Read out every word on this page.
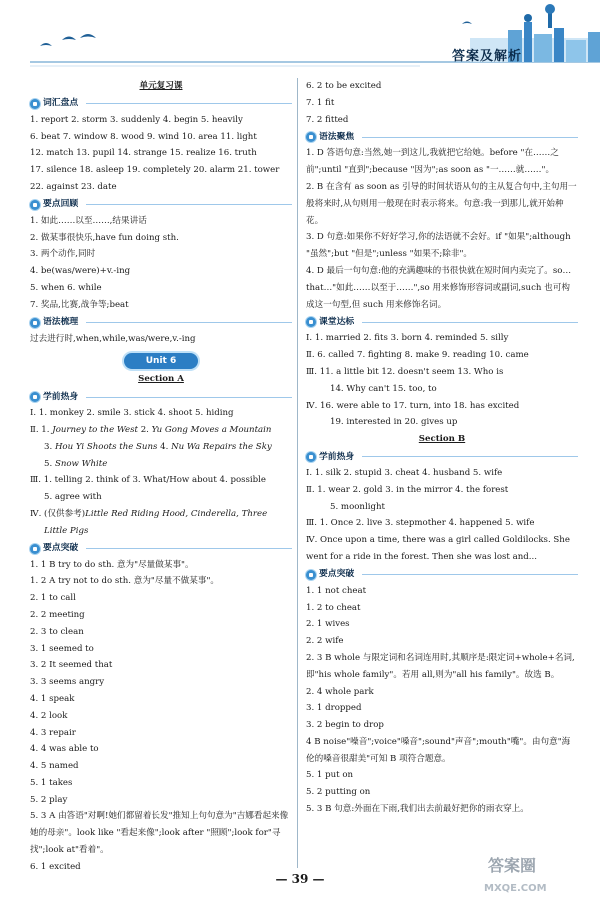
答案及解析
单元复习课
词汇盘点
1. report 2. storm 3. suddenly 4. begin 5. heavily
6. beat 7. window 8. wood 9. wind 10. area 11. light
12. match 13. pupil 14. strange 15. realize 16. truth
17. silence 18. asleep 19. completely 20. alarm 21. tower
22. against 23. date
要点回顾
1. 如此……以至……,结果讲话
2. 做某事很快乐,have fun doing sth.
3. 两个动作,同时
4. be(was/were)+v.-ing
5. when 6. while
7. 奖品,比赛,战争等;beat
语法梳理
过去进行时,when,while,was/were,v.-ing
Unit 6
Section A
学前热身
Ⅰ. 1. monkey 2. smile 3. stick 4. shoot 5. hiding
Ⅱ. 1. Journey to the West 2. Yu Gong Moves a Mountain
3. Hou Yi Shoots the Suns 4. Nu Wa Repairs the Sky
5. Snow White
Ⅲ. 1. telling 2. think of 3. What/How about 4. possible
5. agree with
Ⅳ. (仅供参考)Little Red Riding Hood, Cinderella, Three
Little Pigs
要点突破
1. 1 B try to do sth. 意为"尽量做某事"。
1. 2 A try not to do sth. 意为"尽量不做某事"。
2. 1 to call
2. 2 meeting
2. 3 to clean
3. 1 seemed to
3. 2 It seemed that
3. 3 seems angry
4. 1 speak
4. 2 look
4. 3 repair
4. 4 was able to
4. 5 named
5. 1 takes
5. 2 play
5. 3 A 由答语"对啊!她们都留着长发"推知上句句意为"吉娜看起来像她的母亲"。look like "看起来像";look after "照顾";look for"寻找";look at"看着"。
6. 1 excited
6. 2 to be excited
7. 1 fit
7. 2 fitted
语法聚焦
1. D 答语句意:当然,她一到这儿,我就把它给她。before "在……之前";until "直到";because "因为";as soon as "一……就……"。
2. B 在含有 as soon as 引导的时间状语从句的主从复合句中,主句用一般将来时,从句则用一般现在时表示将来。句意:我一到那儿,就开始种花。
3. D 句意:如果你不好好学习,你的法语就不会好。if "如果";although "虽然";but "但是";unless "如果不;除非"。
4. D 最后一句句意:他的充满趣味的书很快就在短时间内卖完了。so…that…"如此……以至于……",so 用来修饰形容词或副词,such 也可构成这一句型,但 such 用来修饰名词。
课堂达标
Ⅰ. 1. married 2. fits 3. born 4. reminded 5. silly
Ⅱ. 6. called 7. fighting 8. make 9. reading 10. came
Ⅲ. 11. a little bit 12. doesn't seem 13. Who is
14. Why can't 15. too, to
Ⅳ. 16. were able to 17. turn, into 18. has excited
19. interested in 20. gives up
Section B
学前热身
Ⅰ. 1. silk 2. stupid 3. cheat 4. husband 5. wife
Ⅱ. 1. wear 2. gold 3. in the mirror 4. the forest
5. moonlight
Ⅲ. 1. Once 2. live 3. stepmother 4. happened 5. wife
Ⅳ. Once upon a time, there was a girl called Goldilocks. She went for a ride in the forest. Then she was lost and...
要点突破
1. 1 not cheat
1. 2 to cheat
2. 1 wives
2. 2 wife
2. 3 B whole 与限定词和名词连用时,其顺序是:限定词+whole+名词,即"his whole family"。若用 all,则为"all his family"。故选 B。
2. 4 whole park
3. 1 dropped
3. 2 begin to drop
4 B noise"噪音";voice"嗓音";sound"声音";mouth"嘴"。由句意"海伦的嗓音很甜美"可知 B 项符合题意。
5. 1 put on
5. 2 putting on
5. 3 B 句意:外面在下雨,我们出去前最好把你的雨衣穿上。
— 39 —
答案圈
MXQE.COM
